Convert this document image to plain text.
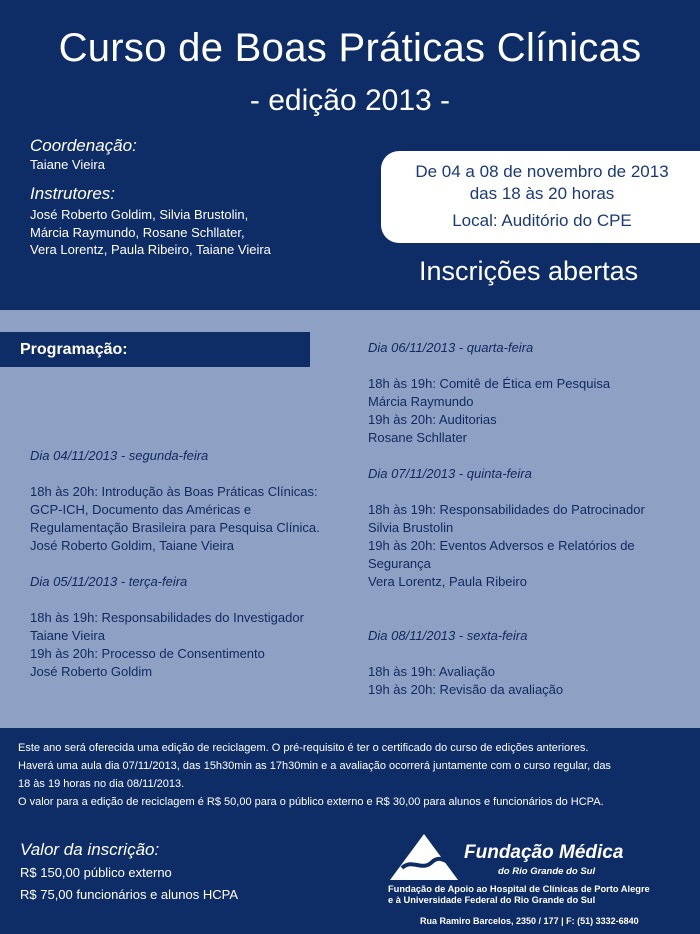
Curso de Boas Práticas Clínicas
- edição 2013 -
Coordenação:
Taiane Vieira
Instrutores:
José Roberto Goldim, Silvia Brustolin,
Márcia Raymundo, Rosane Schllater,
Vera Lorentz, Paula Ribeiro, Taiane Vieira
De 04 a 08 de novembro de 2013
das 18 às 20 horas
Local: Auditório do CPE
Inscrições abertas
Programação:
Dia 04/11/2013 - segunda-feira
18h às 20h: Introdução às Boas Práticas Clínicas:
GCP-ICH, Documento das Américas e
Regulamentação Brasileira para Pesquisa Clínica.
José Roberto Goldim, Taiane Vieira
Dia 05/11/2013 - terça-feira
18h às 19h: Responsabilidades do Investigador
Taiane Vieira
19h às 20h: Processo de Consentimento
José Roberto Goldim
Dia 06/11/2013 - quarta-feira
18h às 19h: Comitê de Ética em Pesquisa
Márcia Raymundo
19h às 20h: Auditorias
Rosane Schllater
Dia 07/11/2013 - quinta-feira
18h às 19h: Responsabilidades do Patrocinador
Silvia Brustolin
19h às 20h: Eventos Adversos e Relatórios de
Segurança
Vera Lorentz, Paula Ribeiro
Dia 08/11/2013 - sexta-feira
18h às 19h: Avaliação
19h às 20h: Revisão da avaliação
Este ano será oferecida uma edição de reciclagem. O pré-requisito é ter o certificado do curso de edições anteriores.
Haverá uma aula dia 07/11/2013, das 15h30min as 17h30min e a avaliação ocorrerá juntamente com o curso regular, das
18 às 19 horas no dia 08/11/2013.
O valor para a edição de reciclagem é R$ 50,00 para o público externo e R$ 30,00 para alunos e funcionários do HCPA.
Valor da inscrição:
R$ 150,00 público externo
R$ 75,00 funcionários e alunos HCPA
Fundação Médica
do Rio Grande do Sul
Fundação de Apoio ao Hospital de Clínicas de Porto Alegre
e à Universidade Federal do Rio Grande do Sul
Rua Ramiro Barcelos, 2350 / 177 | F: (51) 3332-6840
